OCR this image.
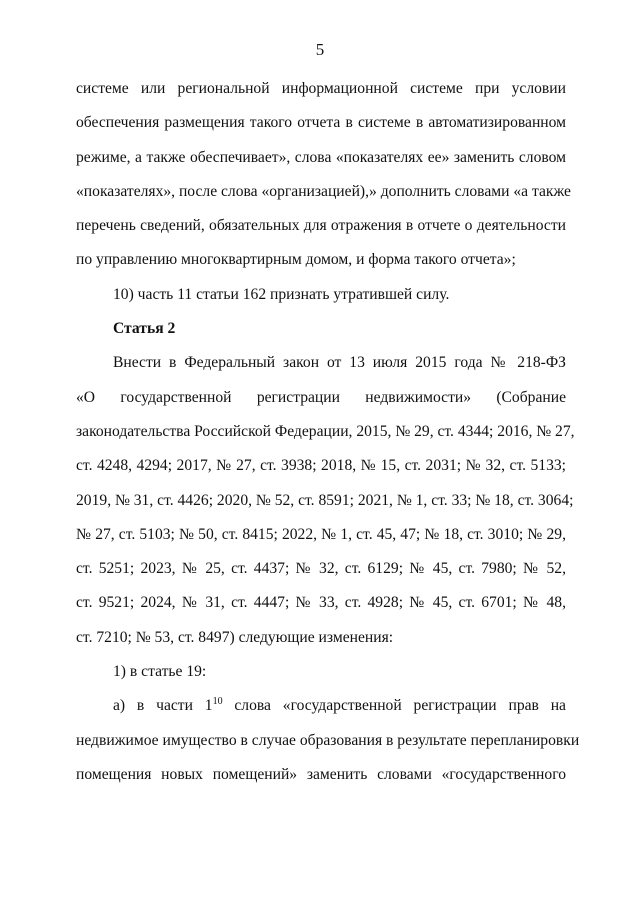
5
системе или региональной информационной системе при условии
обеспечения размещения такого отчета в системе в автоматизированном
режиме, а также обеспечивает», слова «показателях ее» заменить словом
«показателях», после слова «организацией),» дополнить словами «а также
перечень сведений, обязательных для отражения в отчете о деятельности
по управлению многоквартирным домом, и форма такого отчета»;
10) часть 11 статьи 162 признать утратившей силу.
Статья 2
Внести в Федеральный закон от 13 июля 2015 года № 218-ФЗ
«О государственной регистрации недвижимости» (Собрание
законодательства Российской Федерации, 2015, № 29, ст. 4344; 2016, № 27,
ст. 4248, 4294; 2017, № 27, ст. 3938; 2018, № 15, ст. 2031; № 32, ст. 5133;
2019, № 31, ст. 4426; 2020, № 52, ст. 8591; 2021, № 1, ст. 33; № 18, ст. 3064;
№ 27, ст. 5103; № 50, ст. 8415; 2022, № 1, ст. 45, 47; № 18, ст. 3010; № 29,
ст. 5251; 2023, № 25, ст. 4437; № 32, ст. 6129; № 45, ст. 7980; № 52,
ст. 9521; 2024, № 31, ст. 4447; № 33, ст. 4928; № 45, ст. 6701; № 48,
ст. 7210; № 53, ст. 8497) следующие изменения:
1) в статье 19:
а) в части $1^{10}$ слова «государственной регистрации прав на
недвижимое имущество в случае образования в результате перепланировки
помещения новых помещений» заменить словами «государственного
